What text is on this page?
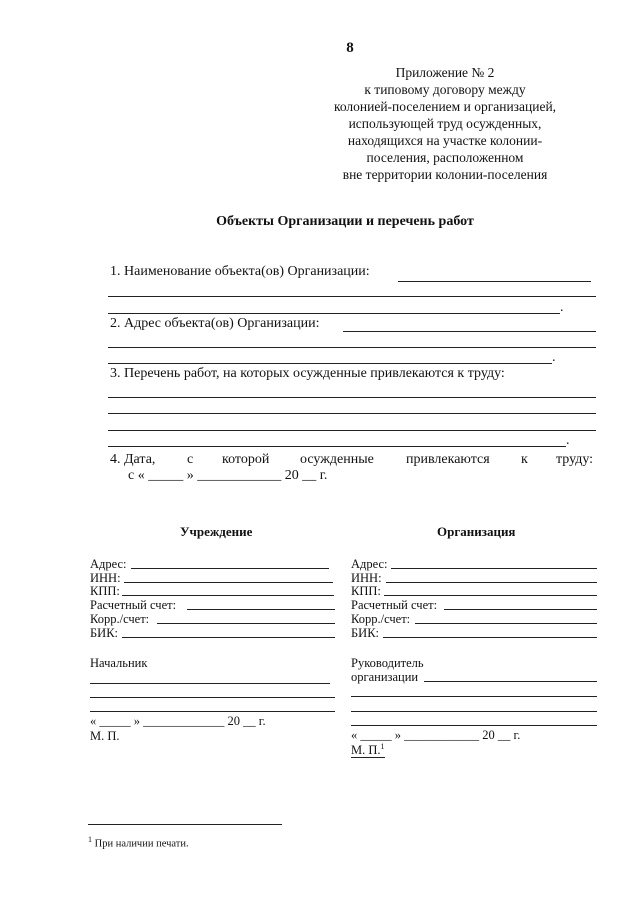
8
Приложение № 2
к типовому договору между
колонией-поселением и организацией,
использующей труд осужденных,
находящихся на участке колонии-
поселения, расположенном
вне территории колонии-поселения
Объекты Организации и перечень работ
1. Наименование объекта(ов) Организации:
.
2. Адрес объекта(ов) Организации:
.
3. Перечень работ, на которых осужденные привлекаются к труду:
.
4. Дата, с которой осужденные привлекаются к труду:
с « _____ » ____________ 20 __ г.
Учреждение
Адрес:
ИНН:
КПП:
Расчетный счет:
Корр./счет:
БИК:
Начальник
« _____ » _____________ 20 __ г.
М. П.
Организация
Адрес:
ИНН:
КПП:
Расчетный счет:
Корр./счет:
БИК:
Руководитель
организации
« _____ » ____________ 20 __ г.
М. П.$^1$
$^1$ При наличии печати.
